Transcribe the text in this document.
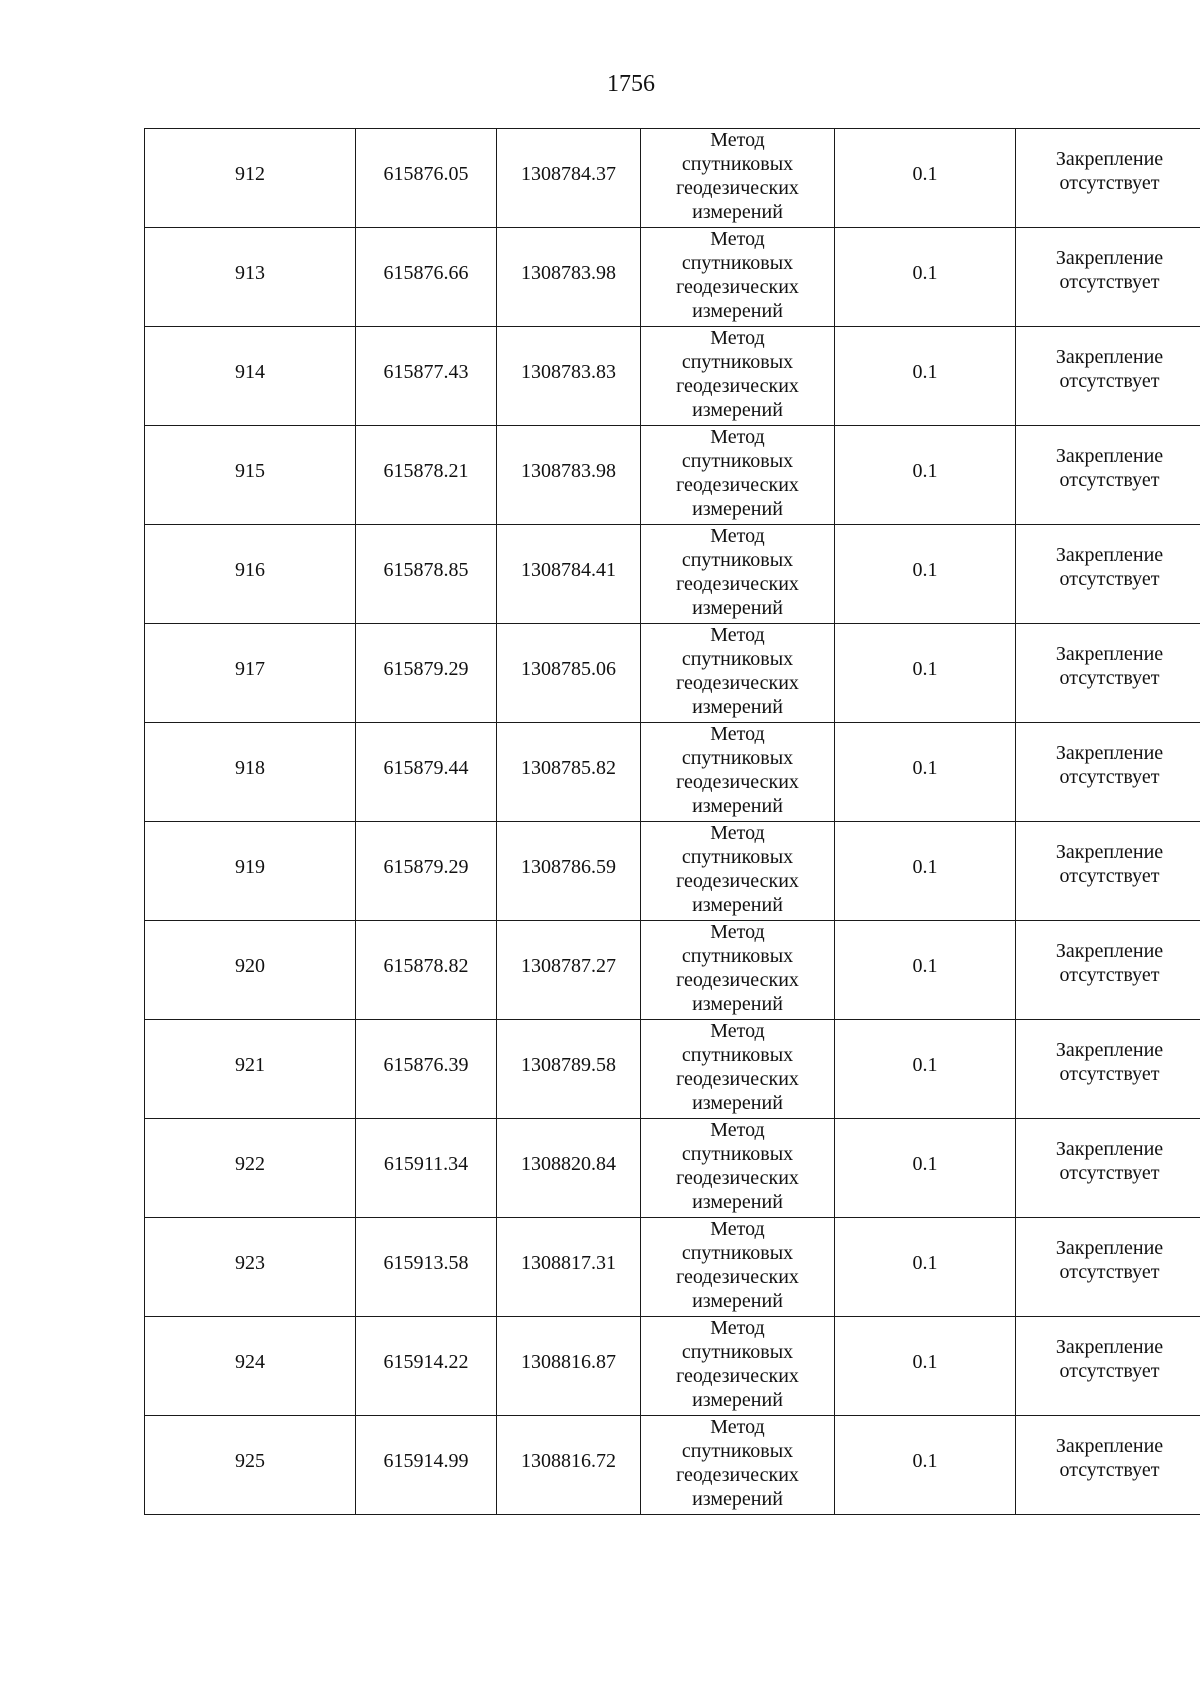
1756
912	615876.05	1308784.37	Метод
спутниковых
геодезических
измерений	0.1	Закрепление
отсутствует

913	615876.66	1308783.98	Метод
спутниковых
геодезических
измерений	0.1	Закрепление
отсутствует

914	615877.43	1308783.83	Метод
спутниковых
геодезических
измерений	0.1	Закрепление
отсутствует

915	615878.21	1308783.98	Метод
спутниковых
геодезических
измерений	0.1	Закрепление
отсутствует

916	615878.85	1308784.41	Метод
спутниковых
геодезических
измерений	0.1	Закрепление
отсутствует

917	615879.29	1308785.06	Метод
спутниковых
геодезических
измерений	0.1	Закрепление
отсутствует

918	615879.44	1308785.82	Метод
спутниковых
геодезических
измерений	0.1	Закрепление
отсутствует

919	615879.29	1308786.59	Метод
спутниковых
геодезических
измерений	0.1	Закрепление
отсутствует

920	615878.82	1308787.27	Метод
спутниковых
геодезических
измерений	0.1	Закрепление
отсутствует

921	615876.39	1308789.58	Метод
спутниковых
геодезических
измерений	0.1	Закрепление
отсутствует

922	615911.34	1308820.84	Метод
спутниковых
геодезических
измерений	0.1	Закрепление
отсутствует

923	615913.58	1308817.31	Метод
спутниковых
геодезических
измерений	0.1	Закрепление
отсутствует

924	615914.22	1308816.87	Метод
спутниковых
геодезических
измерений	0.1	Закрепление
отсутствует

925	615914.99	1308816.72	Метод
спутниковых
геодезических
измерений	0.1	Закрепление
отсутствует
